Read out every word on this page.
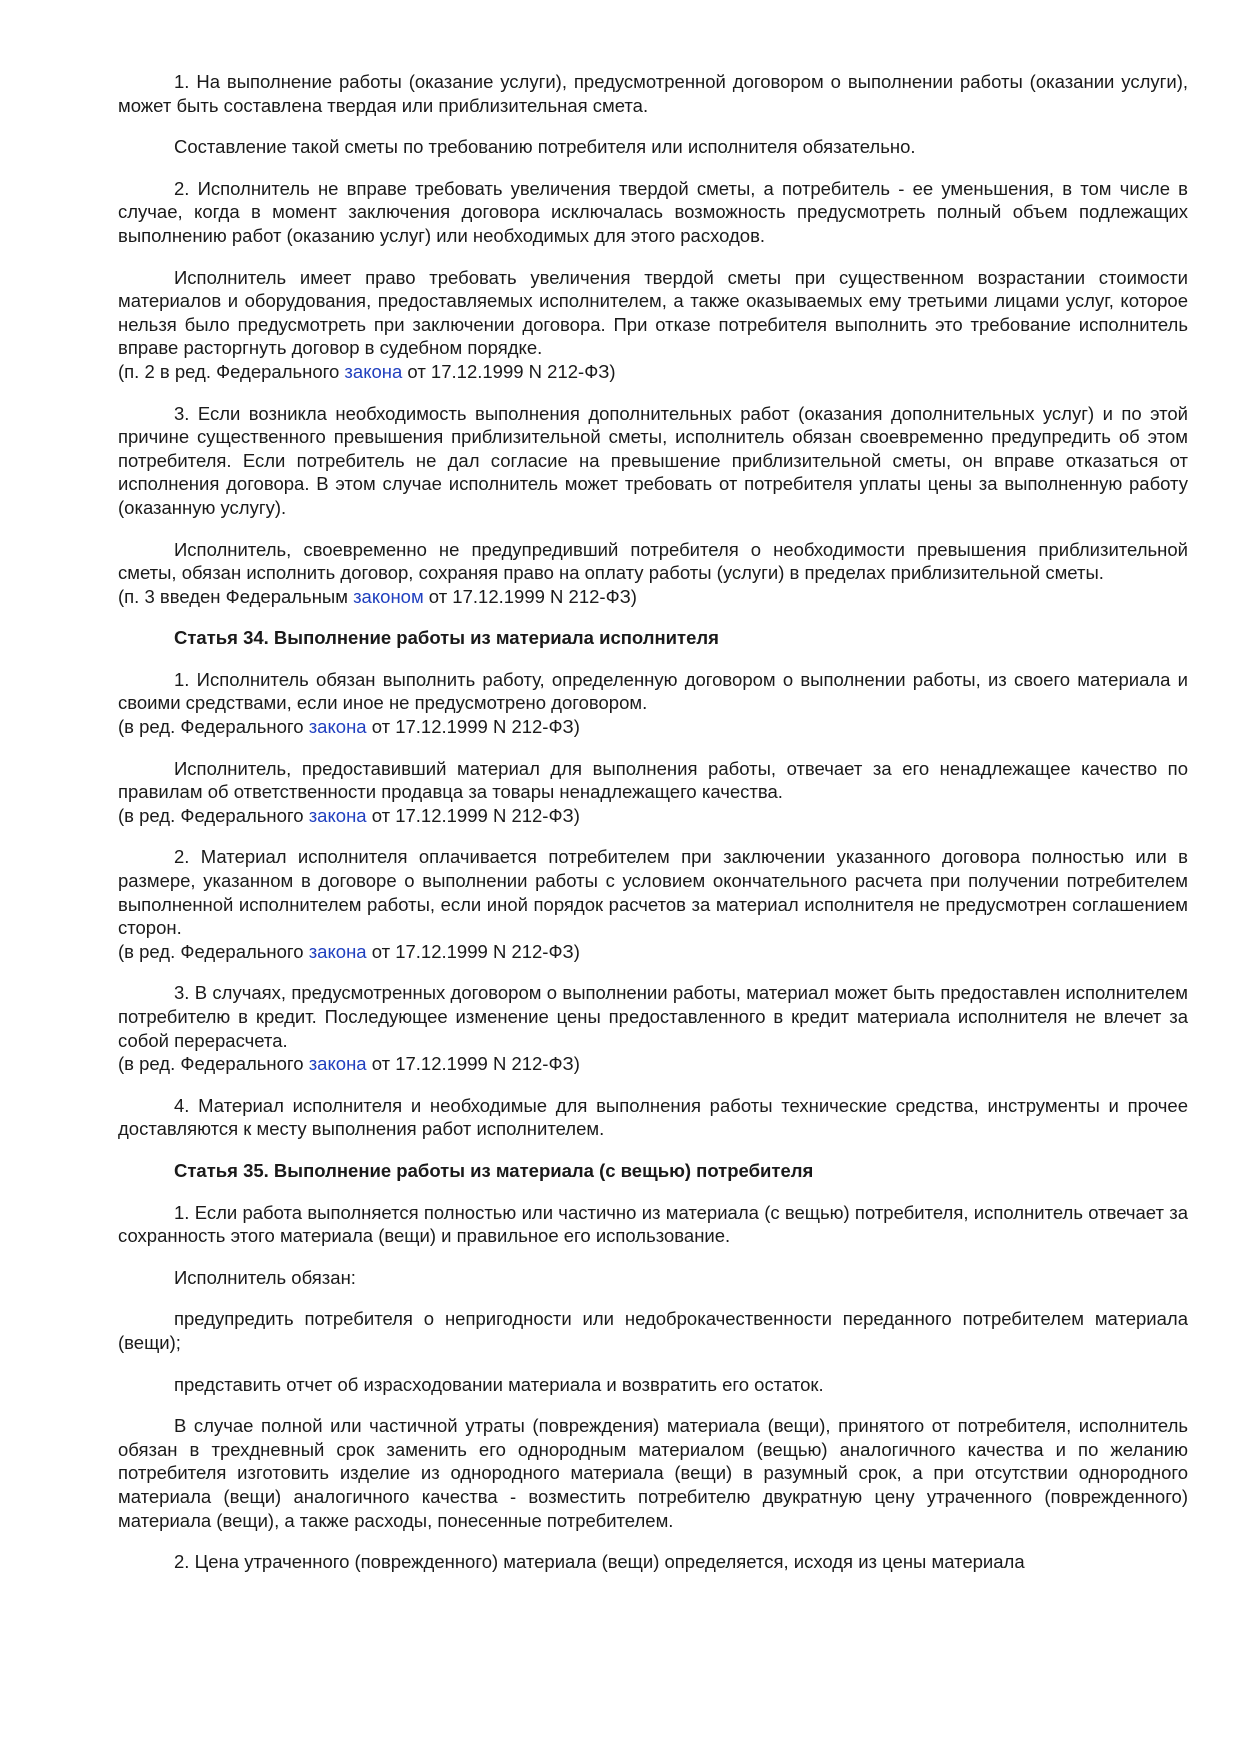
1. На выполнение работы (оказание услуги), предусмотренной договором о выполнении работы (оказании услуги), может быть составлена твердая или приблизительная смета.

Составление такой сметы по требованию потребителя или исполнителя обязательно.

2. Исполнитель не вправе требовать увеличения твердой сметы, а потребитель - ее уменьшения, в том числе в случае, когда в момент заключения договора исключалась возможность предусмотреть полный объем подлежащих выполнению работ (оказанию услуг) или необходимых для этого расходов.

Исполнитель имеет право требовать увеличения твердой сметы при существенном возрастании стоимости материалов и оборудования, предоставляемых исполнителем, а также оказываемых ему третьими лицами услуг, которое нельзя было предусмотреть при заключении договора. При отказе потребителя выполнить это требование исполнитель вправе расторгнуть договор в судебном порядке.

(п. 2 в ред. Федерального закона от 17.12.1999 N 212-ФЗ)

3. Если возникла необходимость выполнения дополнительных работ (оказания дополнительных услуг) и по этой причине существенного превышения приблизительной сметы, исполнитель обязан своевременно предупредить об этом потребителя. Если потребитель не дал согласие на превышение приблизительной сметы, он вправе отказаться от исполнения договора. В этом случае исполнитель может требовать от потребителя уплаты цены за выполненную работу (оказанную услугу).

Исполнитель, своевременно не предупредивший потребителя о необходимости превышения приблизительной сметы, обязан исполнить договор, сохраняя право на оплату работы (услуги) в пределах приблизительной сметы.

(п. 3 введен Федеральным законом от 17.12.1999 N 212-ФЗ)
Статья 34. Выполнение работы из материала исполнителя

1. Исполнитель обязан выполнить работу, определенную договором о выполнении работы, из своего материала и своими средствами, если иное не предусмотрено договором.

(в ред. Федерального закона от 17.12.1999 N 212-ФЗ)

Исполнитель, предоставивший материал для выполнения работы, отвечает за его ненадлежащее качество по правилам об ответственности продавца за товары ненадлежащего качества.

(в ред. Федерального закона от 17.12.1999 N 212-ФЗ)

2. Материал исполнителя оплачивается потребителем при заключении указанного договора полностью или в размере, указанном в договоре о выполнении работы с условием окончательного расчета при получении потребителем выполненной исполнителем работы, если иной порядок расчетов за материал исполнителя не предусмотрен соглашением сторон.

(в ред. Федерального закона от 17.12.1999 N 212-ФЗ)

3. В случаях, предусмотренных договором о выполнении работы, материал может быть предоставлен исполнителем потребителю в кредит. Последующее изменение цены предоставленного в кредит материала исполнителя не влечет за собой перерасчета.

(в ред. Федерального закона от 17.12.1999 N 212-ФЗ)

4. Материал исполнителя и необходимые для выполнения работы технические средства, инструменты и прочее доставляются к месту выполнения работ исполнителем.

Статья 35. Выполнение работы из материала (с вещью) потребителя

1. Если работа выполняется полностью или частично из материала (с вещью) потребителя, исполнитель отвечает за сохранность этого материала (вещи) и правильное его использование.

Исполнитель обязан:

предупредить потребителя о непригодности или недоброкачественности переданного потребителем материала (вещи);

представить отчет об израсходовании материала и возвратить его остаток.

В случае полной или частичной утраты (повреждения) материала (вещи), принятого от потребителя, исполнитель обязан в трехдневный срок заменить его однородным материалом (вещью) аналогичного качества и по желанию потребителя изготовить изделие из однородного материала (вещи) в разумный срок, а при отсутствии однородного материала (вещи) аналогичного качества - возместить потребителю двукратную цену утраченного (поврежденного) материала (вещи), а также расходы, понесенные потребителем.

2. Цена утраченного (поврежденного) материала (вещи) определяется, исходя из цены материала
